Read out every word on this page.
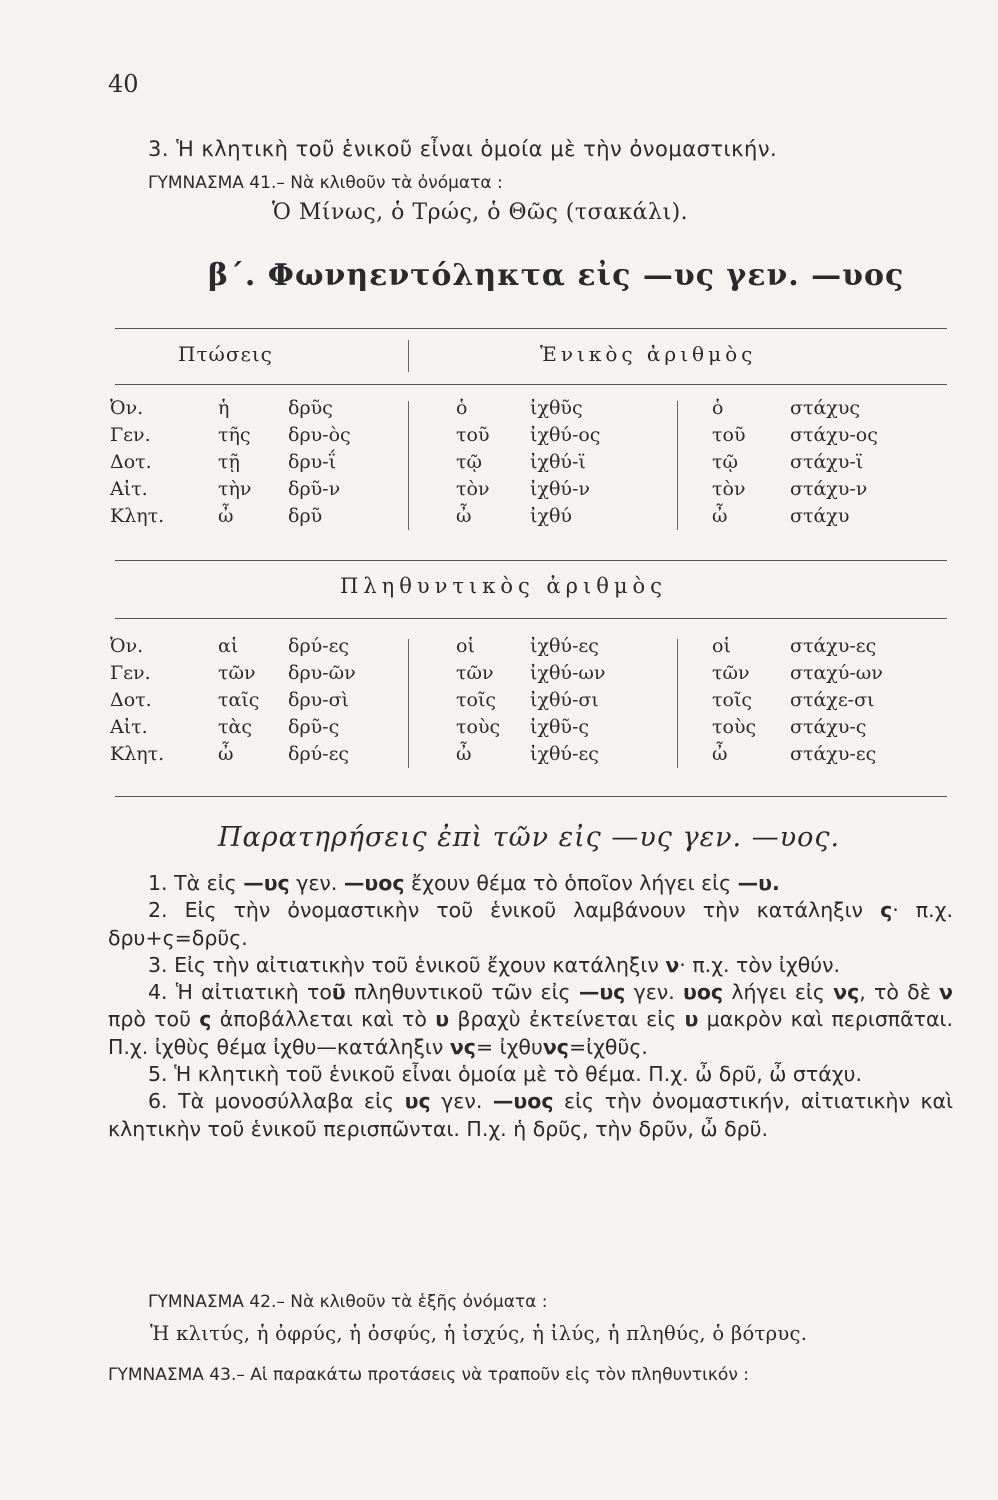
40
3. Ἡ κλητικὴ τοῦ ἑνικοῦ εἶναι ὁμοία μὲ τὴν ὀνομαστικήν.
ΓΥΜΝΑΣΜΑ 41.– Νὰ κλιθοῦν τὰ ὀνόματα :
Ὁ Μίνως, ὁ Τρώς, ὁ Θῶς (τσακάλι).
β΄. Φωνηεντόληκτα εἰς —υς γεν. —υος
Πτώσεις	Ἑνικὸς ἀριθμὸς
Ὀν.	ἡ	δρῦς	ὁ	ἰχθῦς	ὁ	στάχυς
Γεν.	τῆς δρυ-ὸς	τοῦ ἰχθύ-ος	τοῦ στάχυ-ος
Δοτ.	τῇ	δρυ-ΐ	τῷ	ἰχθύ-ϊ	τῷ	στάχυ-ϊ
Αἰτ.	τὴν δρῦ-ν	τὸν ἰχθύ-ν	τὸν στάχυ-ν
Κλητ.	ὦ	δρῦ	ὦ	ἰχθύ	ὦ	στάχυ
Πληθυντικὸς ἀριθμὸς
Ὀν.	αἱ	δρύ-ες	οἱ	ἰχθύ-ες	οἱ	στάχυ-ες
Γεν.	τῶν δρυ-ῶν	τῶν ἰχθύ-ων	τῶν σταχύ-ων
Δοτ.	ταῖς δρυ-σὶ	τοῖς ἰχθύ-σι	τοῖς στάχε-σι
Αἰτ.	τὰς δρῦ-ς	τοὺς ἰχθῦ-ς	τοὺς στάχυ-ς
Κλητ.	ὦ	δρύ-ες	ὦ	ἰχθύ-ες	ὦ	στάχυ-ες
Παρατηρήσεις ἐπὶ τῶν εἰς —υς γεν. —υος.

1. Τὰ εἰς —υς γεν. —υος ἔχουν θέμα τὸ ὁποῖον λήγει εἰς —υ.

2. Εἰς τὴν ὀνομαστικὴν τοῦ ἑνικοῦ λαμβάνουν τὴν κατάληξιν ς· π.χ. δρυ+ς=δρῦς.

3. Εἰς τὴν αἰτιατικὴν τοῦ ἑνικοῦ ἔχουν κατάληξιν ν· π.χ. τὸν ἰχθύν.

4. Ἡ αἰτιατικὴ τοῦ πληθυντικοῦ τῶν εἰς —υς γεν. υος λήγει εἰς νς, τὸ δὲ ν πρὸ τοῦ ς ἀποβάλλεται καὶ τὸ υ βραχὺ ἐκτείνεται εἰς υ μακρὸν καὶ περισπᾶται. Π.χ. ἰχθὺς θέμα ἰχθυ—κατάληξιν νς= ἰχθυνς=ἰχθῦς.

5. Ἡ κλητικὴ τοῦ ἑνικοῦ εἶναι ὁμοία μὲ τὸ θέμα. Π.χ. ὦ δρῦ, ὦ στάχυ.

6. Τὰ μονοσύλλαβα εἰς υς γεν. —υος εἰς τὴν ὀνομαστικήν, αἰτιατικὴν καὶ κλητικὴν τοῦ ἑνικοῦ περισπῶνται. Π.χ. ἡ δρῦς, τὴν δρῦν, ὦ δρῦ.

ΓΥΜΝΑΣΜΑ 42.– Νὰ κλιθοῦν τὰ ἑξῆς ὀνόματα :
Ἡ κλιτύς, ἡ ὀφρύς, ἡ ὀσφύς, ἡ ἰσχύς, ἡ ἰλύς, ἡ πληθύς, ὁ βότρυς.
ΓΥΜΝΑΣΜΑ 43.– Αἱ παρακάτω προτάσεις νὰ τραποῦν εἰς τὸν πληθυντικόν :
